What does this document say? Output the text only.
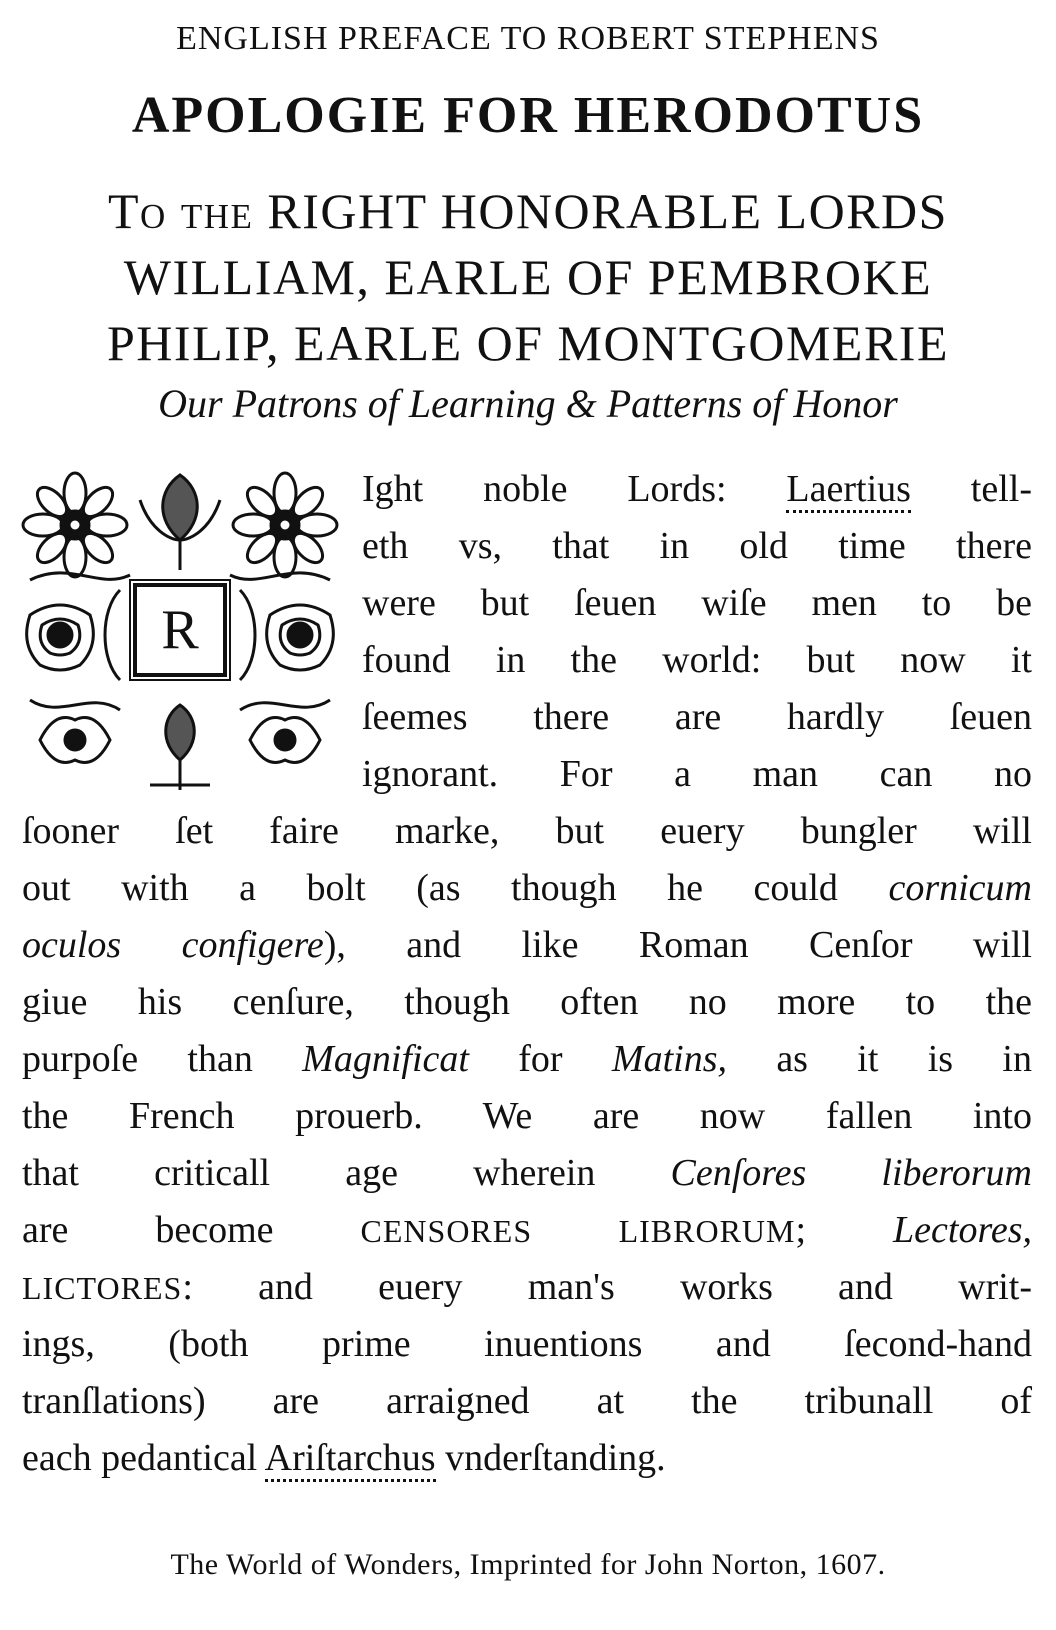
ENGLISH PREFACE TO ROBERT STEPHENS
APOLOGIE FOR HERODOTUS
To the RIGHT HONORABLE LORDS
WILLIAM, EARLE OF PEMBROKE
PHILIP, EARLE OF MONTGOMERIE
Our Patrons of Learning & Patterns of Honor
R
Ight noble Lords: Laertius tell-
eth vs, that in old time there
were but ſeuen wiſe men to be
found in the world: but now it
ſeemes there are hardly ſeuen
ignorant. For a man can no
ſooner ſet faire marke, but euery bungler will
out with a bolt (as though he could cornicum
oculos configere), and like Roman Cenſor will
giue his cenſure, though often no more to the
purpoſe than Magnificat for Matins, as it is in
the French prouerb. We are now fallen into
that criticall age wherein Cenſores liberorum
are become CENSORES LIBRORUM; Lectores,
LICTORES: and euery man's works and writ-
ings, (both prime inuentions and ſecond-hand
tranſlations) are arraigned at the tribunall of
each pedantical Ariſtarchus vnderſtanding.
The World of Wonders, Imprinted for John Norton, 1607.
